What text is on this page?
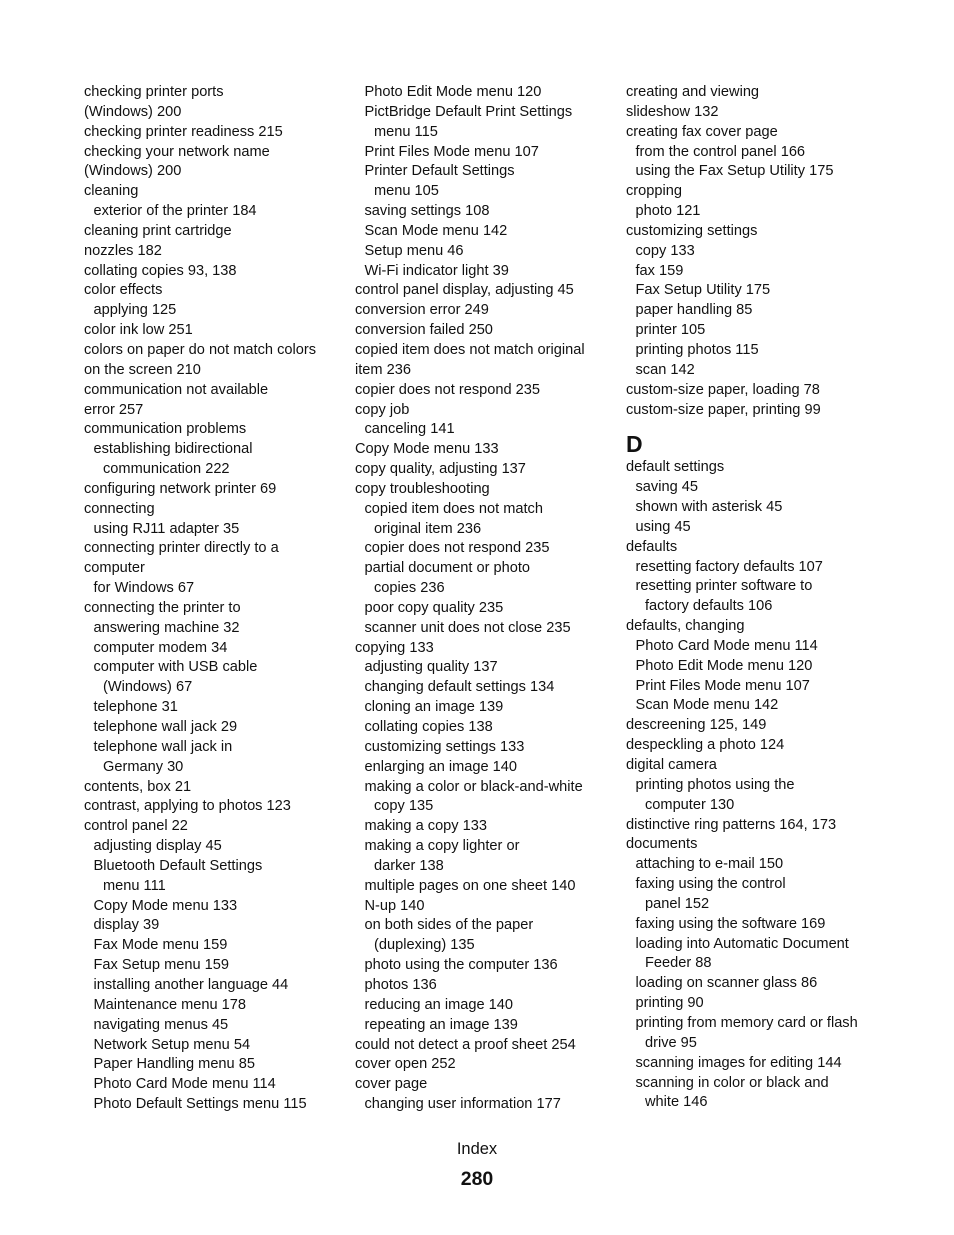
checking printer ports
(Windows) 200
checking printer readiness 215
checking your network name
(Windows) 200
cleaning
exterior of the printer 184
cleaning print cartridge
nozzles 182
collating copies 93, 138
color effects
applying 125
color ink low 251
colors on paper do not match colors
on the screen 210
communication not available
error 257
communication problems
establishing bidirectional
communication 222
configuring network printer 69
connecting
using RJ11 adapter 35
connecting printer directly to a
computer
for Windows 67
connecting the printer to
answering machine 32
computer modem 34
computer with USB cable
(Windows) 67
telephone 31
telephone wall jack 29
telephone wall jack in
Germany 30
contents, box 21
contrast, applying to photos 123
control panel 22
adjusting display 45
Bluetooth Default Settings
menu 111
Copy Mode menu 133
display 39
Fax Mode menu 159
Fax Setup menu 159
installing another language 44
Maintenance menu 178
navigating menus 45
Network Setup menu 54
Paper Handling menu 85
Photo Card Mode menu 114
Photo Default Settings menu 115
Photo Edit Mode menu 120
PictBridge Default Print Settings
menu 115
Print Files Mode menu 107
Printer Default Settings
menu 105
saving settings 108
Scan Mode menu 142
Setup menu 46
Wi-Fi indicator light 39
control panel display, adjusting 45
conversion error 249
conversion failed 250
copied item does not match original
item 236
copier does not respond 235
copy job
canceling 141
Copy Mode menu 133
copy quality, adjusting 137
copy troubleshooting
copied item does not match
original item 236
copier does not respond 235
partial document or photo
copies 236
poor copy quality 235
scanner unit does not close 235
copying 133
adjusting quality 137
changing default settings 134
cloning an image 139
collating copies 138
customizing settings 133
enlarging an image 140
making a color or black-and-white
copy 135
making a copy 133
making a copy lighter or
darker 138
multiple pages on one sheet 140
N-up 140
on both sides of the paper
(duplexing) 135
photo using the computer 136
photos 136
reducing an image 140
repeating an image 139
could not detect a proof sheet 254
cover open 252
cover page
changing user information 177
creating and viewing
slideshow 132
creating fax cover page
from the control panel 166
using the Fax Setup Utility 175
cropping
photo 121
customizing settings
copy 133
fax 159
Fax Setup Utility 175
paper handling 85
printer 105
printing photos 115
scan 142
custom-size paper, loading 78
custom-size paper, printing 99
D
default settings
saving 45
shown with asterisk 45
using 45
defaults
resetting factory defaults 107
resetting printer software to
factory defaults 106
defaults, changing
Photo Card Mode menu 114
Photo Edit Mode menu 120
Print Files Mode menu 107
Scan Mode menu 142
descreening 125, 149
despeckling a photo 124
digital camera
printing photos using the
computer 130
distinctive ring patterns 164, 173
documents
attaching to e-mail 150
faxing using the control
panel 152
faxing using the software 169
loading into Automatic Document
Feeder 88
loading on scanner glass 86
printing 90
printing from memory card or flash
drive 95
scanning images for editing 144
scanning in color or black and
white 146
Index
280
